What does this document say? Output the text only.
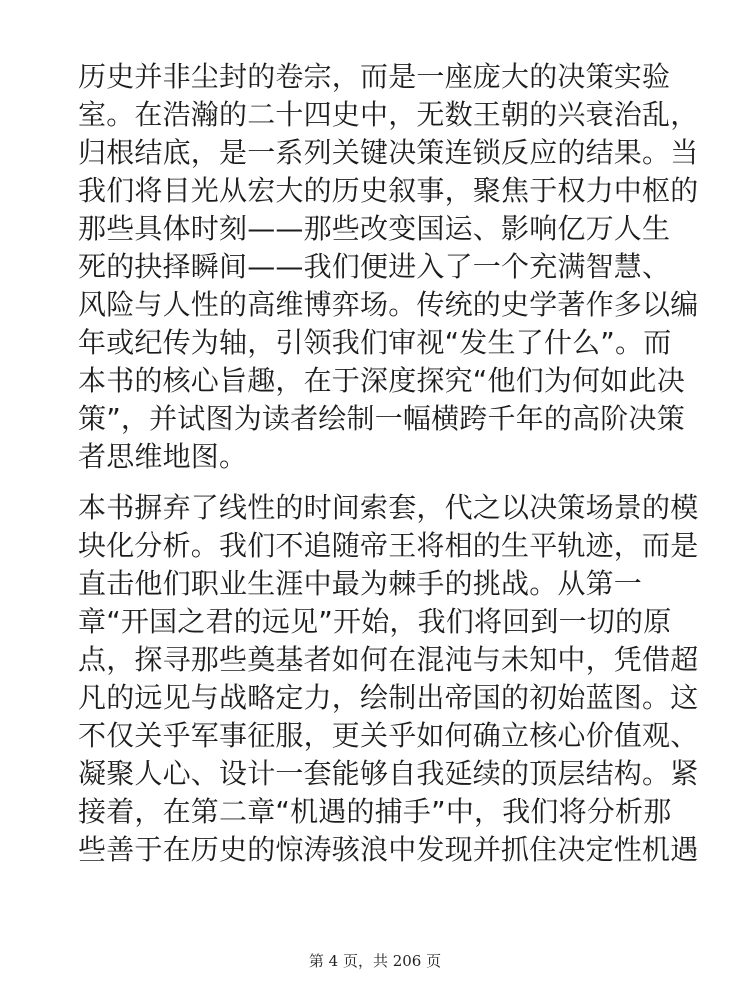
历史并非尘封的卷宗，而是一座庞大的决策实验
室。在浩瀚的二十四史中，无数王朝的兴衰治乱，
归根结底，是一系列关键决策连锁反应的结果。当
我们将目光从宏大的历史叙事，聚焦于权力中枢的
那些具体时刻——那些改变国运、影响亿万人生
死的抉择瞬间——我们便进入了一个充满智慧、
风险与人性的高维博弈场。传统的史学著作多以编
年或纪传为轴，引领我们审视“发生了什么”。而
本书的核心旨趣，在于深度探究“他们为何如此决
策”，并试图为读者绘制一幅横跨千年的高阶决策
者思维地图。
本书摒弃了线性的时间索套，代之以决策场景的模
块化分析。我们不追随帝王将相的生平轨迹，而是
直击他们职业生涯中最为棘手的挑战。从第一
章“开国之君的远见”开始，我们将回到一切的原
点，探寻那些奠基者如何在混沌与未知中，凭借超
凡的远见与战略定力，绘制出帝国的初始蓝图。这
不仅关乎军事征服，更关乎如何确立核心价值观、
凝聚人心、设计一套能够自我延续的顶层结构。紧
接着，在第二章“机遇的捕手”中，我们将分析那
些善于在历史的惊涛骇浪中发现并抓住决定性机遇
第 4 页，共 206 页
